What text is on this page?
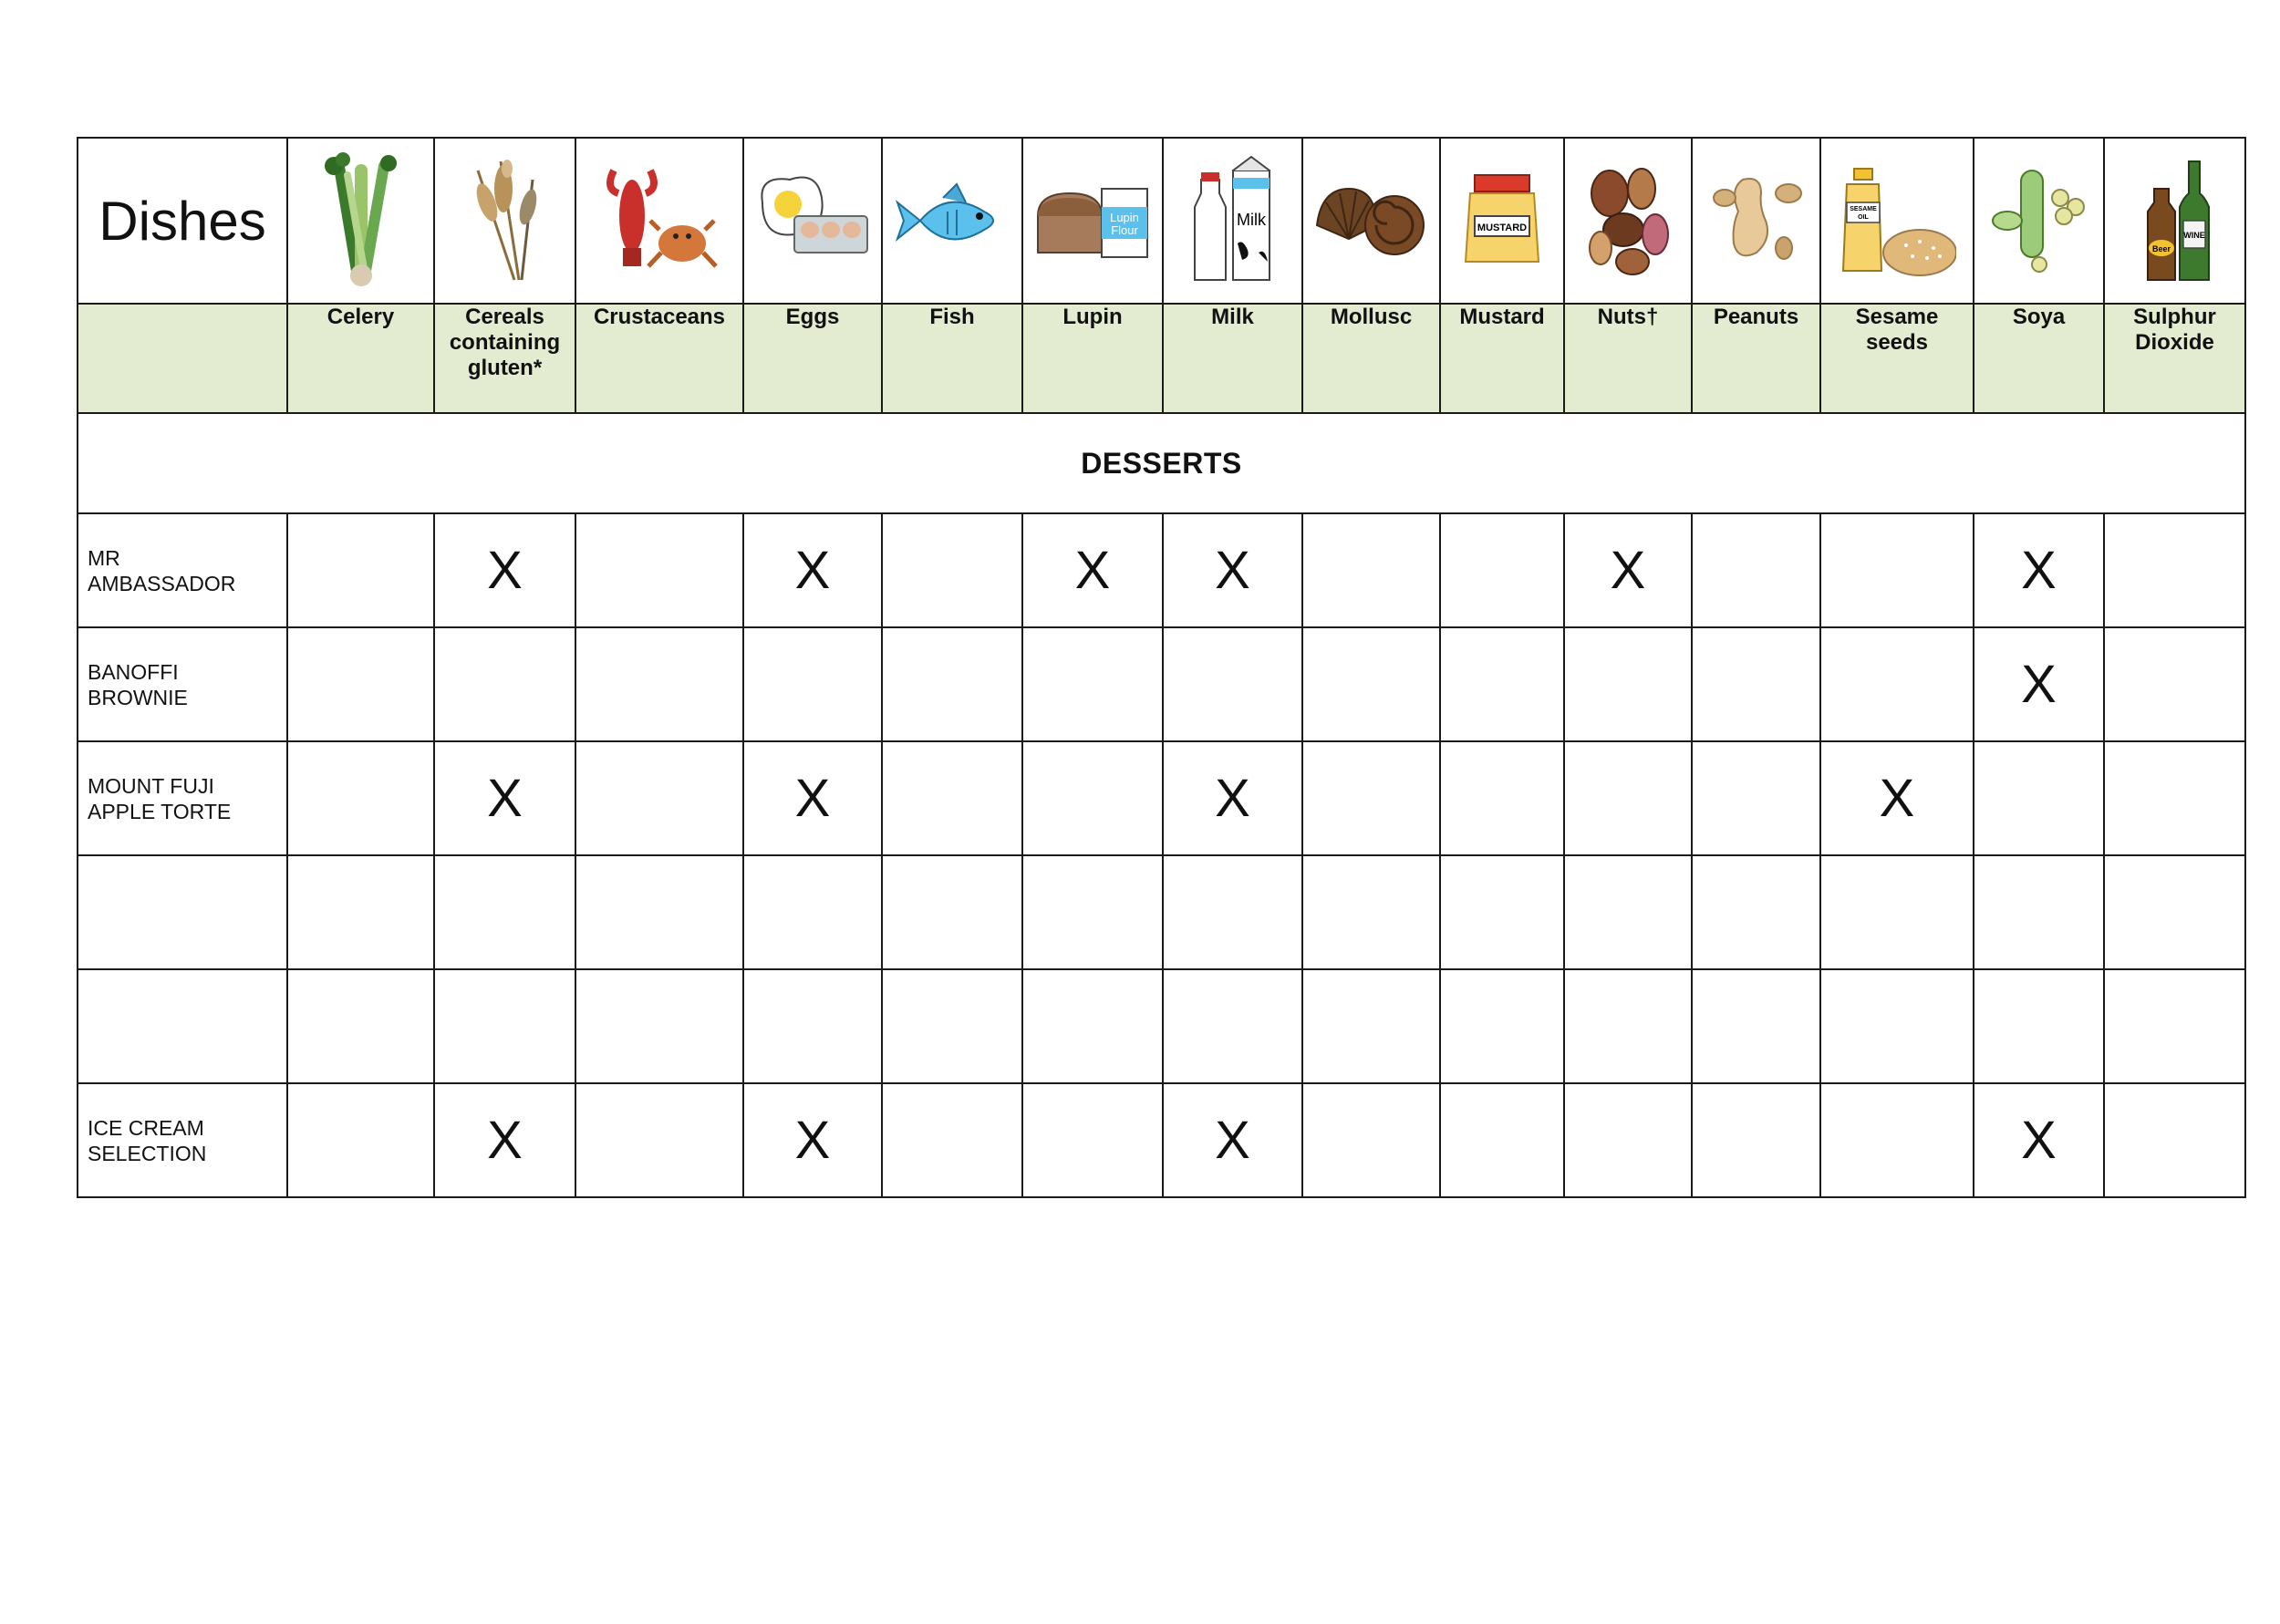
Dishes						Lupin
Flour	Milk		MUSTARD			SESAME
OIL		Beer
WINE

	Celery	Cereals containing gluten*	Crustaceans	Eggs	Fish	Lupin	Milk	Mollusc	Mustard	Nuts†	Peanuts	Sesame seeds	Soya	Sulphur Dioxide

DESSERTS														
MR
AMBASSADOR		X		X		X	X			X			X	
BANOFFI
BROWNIE													X	
MOUNT FUJI
APPLE TORTE		X		X			X					X		

ICE CREAM
SELECTION		X		X			X						X	
